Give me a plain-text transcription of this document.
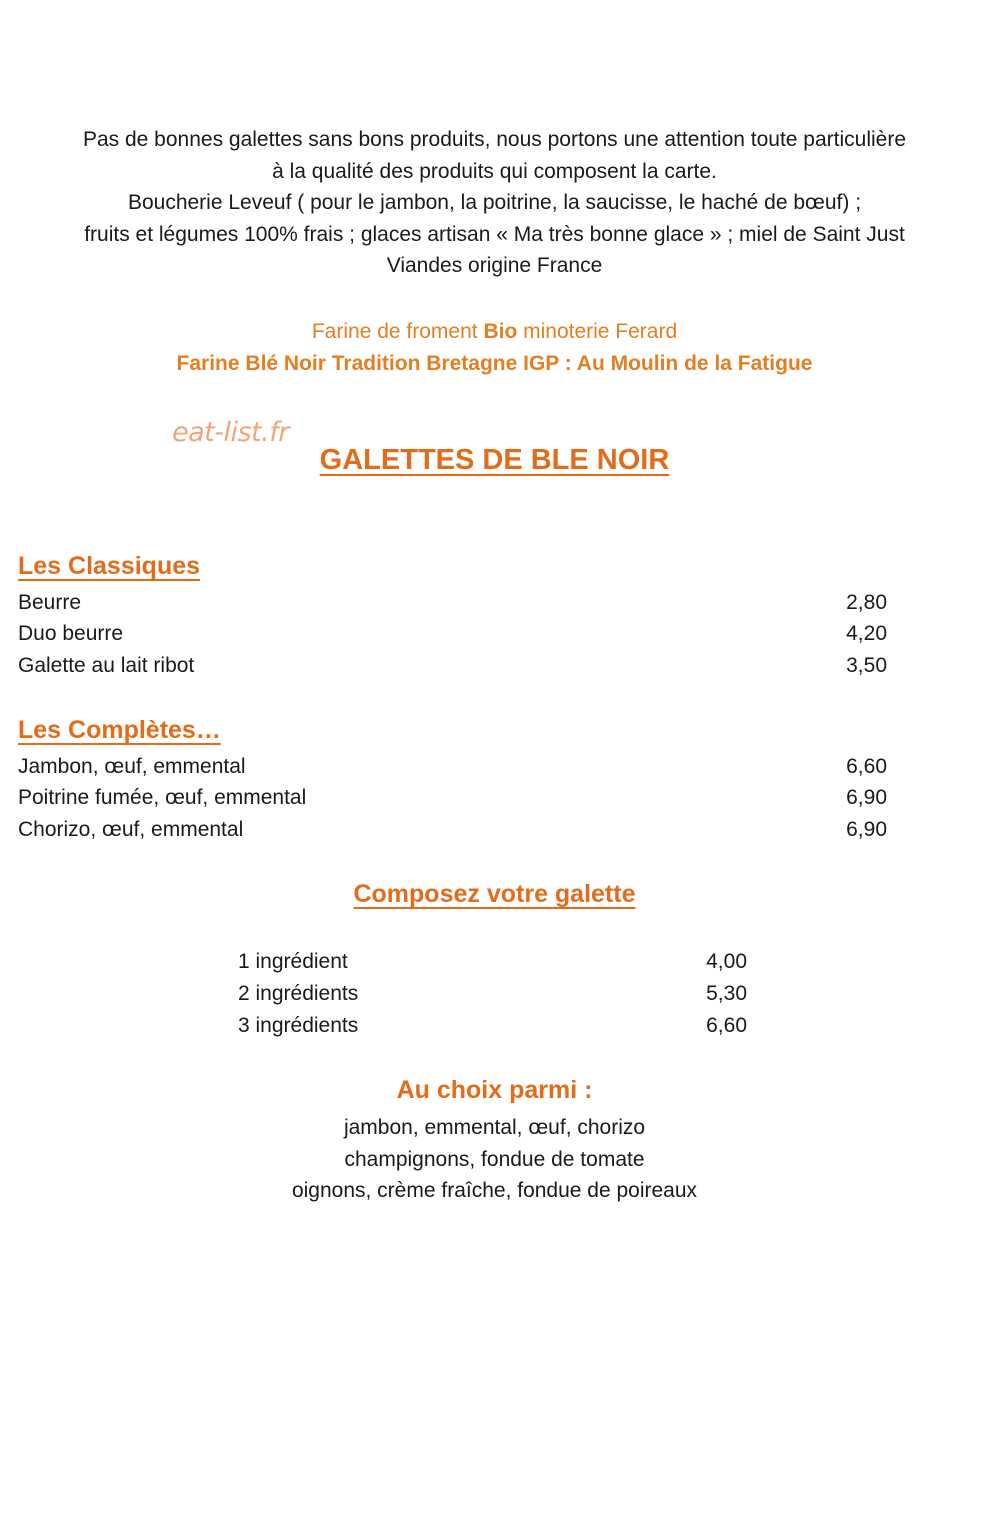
Pas de bonnes galettes sans bons produits, nous portons une attention toute particulière
à la qualité des produits qui composent la carte.
Boucherie Leveuf ( pour le jambon, la poitrine, la saucisse, le haché de bœuf) ;
fruits et légumes 100% frais ; glaces artisan « Ma très bonne glace » ; miel de Saint Just
Viandes origine France
Farine de froment Bio minoterie Ferard
Farine Blé Noir Tradition Bretagne IGP : Au Moulin de la Fatigue
eat-list.fr
GALETTES DE BLE NOIR
Les Classiques
Beurre	2,80
Duo beurre	4,20
Galette au lait ribot	3,50
Les Complètes…
Jambon, œuf, emmental	6,60
Poitrine fumée, œuf, emmental	6,90
Chorizo, œuf, emmental	6,90
Composez votre galette
1 ingrédient	4,00
2 ingrédients	5,30
3 ingrédients	6,60
Au choix parmi :
jambon, emmental, œuf, chorizo
champignons, fondue de tomate
oignons, crème fraîche, fondue de poireaux
